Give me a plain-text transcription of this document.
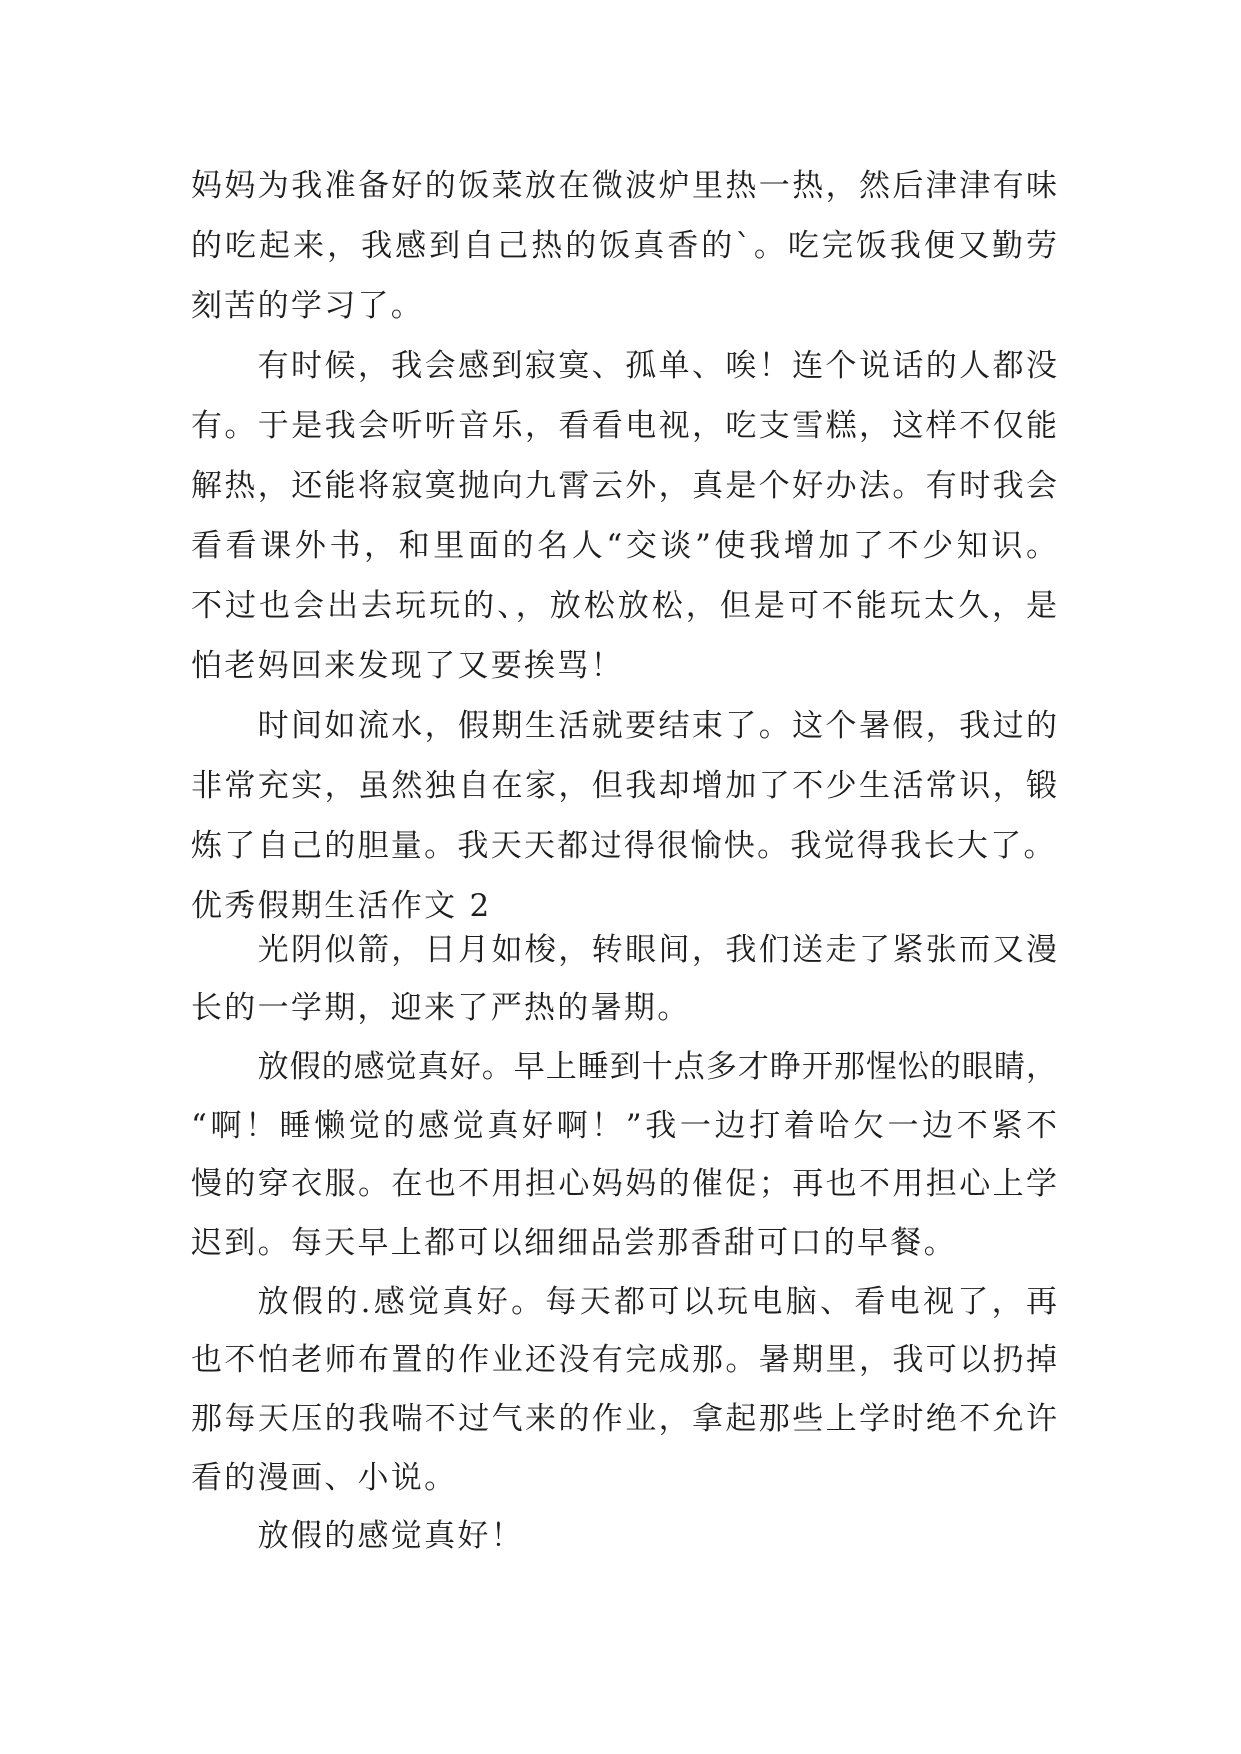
妈妈为我准备好的饭菜放在微波炉里热一热，然后津津有味
的吃起来，我感到自己热的饭真香的`。吃完饭我便又勤劳
刻苦的学习了。
有时候，我会感到寂寞、孤单、唉！连个说话的人都没
有。于是我会听听音乐，看看电视，吃支雪糕，这样不仅能
解热，还能将寂寞抛向九霄云外，真是个好办法。有时我会
看看课外书，和里面的名人“交谈”使我增加了不少知识。
不过也会出去玩玩的、，放松放松，但是可不能玩太久，是
怕老妈回来发现了又要挨骂！
时间如流水，假期生活就要结束了。这个暑假，我过的
非常充实，虽然独自在家，但我却增加了不少生活常识，锻
炼了自己的胆量。我天天都过得很愉快。我觉得我长大了。
优秀假期生活作文 2
光阴似箭，日月如梭，转眼间，我们送走了紧张而又漫
长的一学期，迎来了严热的暑期。
放假的感觉真好。早上睡到十点多才睁开那惺忪的眼睛，
“啊！睡懒觉的感觉真好啊！”我一边打着哈欠一边不紧不
慢的穿衣服。在也不用担心妈妈的催促；再也不用担心上学
迟到。每天早上都可以细细品尝那香甜可口的早餐。
放假的.感觉真好。每天都可以玩电脑、看电视了，再
也不怕老师布置的作业还没有完成那。暑期里，我可以扔掉
那每天压的我喘不过气来的作业，拿起那些上学时绝不允许
看的漫画、小说。
放假的感觉真好！
